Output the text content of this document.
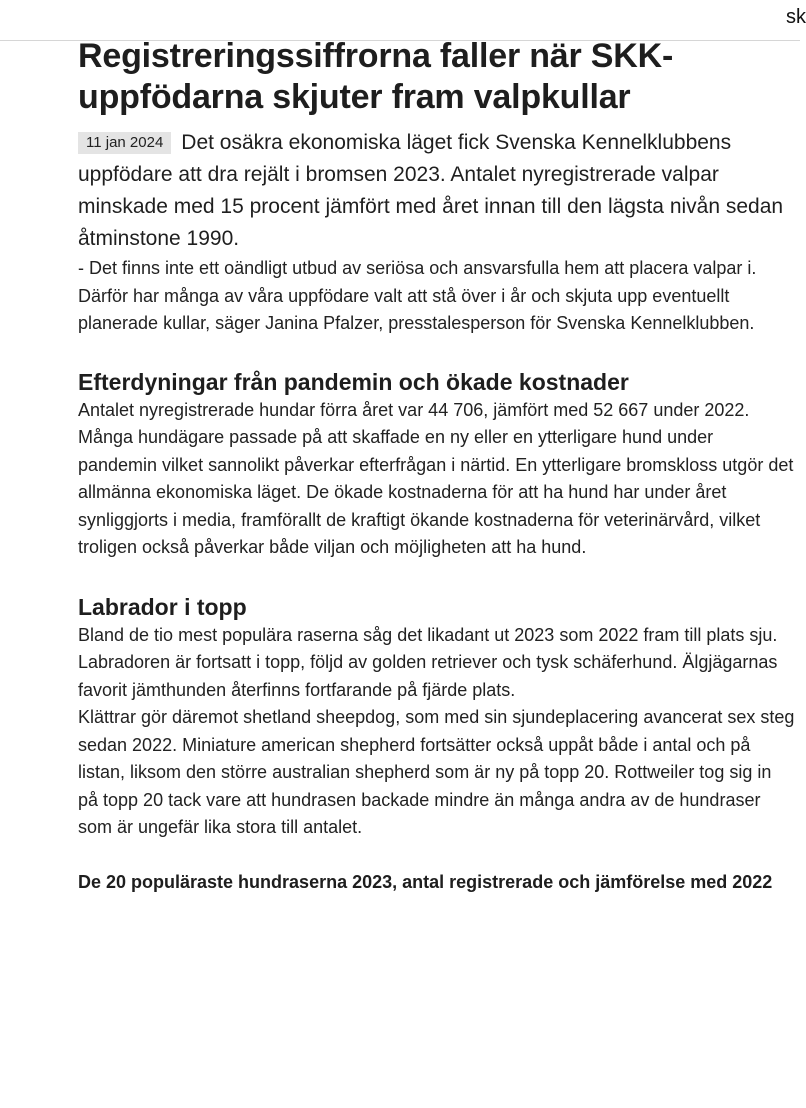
sk
Registreringssiffrorna faller när SKK-uppfödarna skjuter fram valpkullar

11 jan 2024 Det osäkra ekonomiska läget fick Svenska Kennelklubbens uppfödare att dra rejält i bromsen 2023. Antalet nyregistrerade valpar minskade med 15 procent jämfört med året innan till den lägsta nivån sedan åtminstone 1990.

- Det finns inte ett oändligt utbud av seriösa och ansvarsfulla hem att placera valpar i. Därför har många av våra uppfödare valt att stå över i år och skjuta upp eventuellt planerade kullar, säger Janina Pfalzer, presstalesperson för Svenska Kennelklubben.

Efterdyningar från pandemin och ökade kostnader

Antalet nyregistrerade hundar förra året var 44 706, jämfört med 52 667 under 2022. Många hundägare passade på att skaffade en ny eller en ytterligare hund under pandemin vilket sannolikt påverkar efterfrågan i närtid. En ytterligare bromskloss utgör det allmänna ekonomiska läget. De ökade kostnaderna för att ha hund har under året synliggjorts i media, framförallt de kraftigt ökande kostnaderna för veterinärvård, vilket troligen också påverkar både viljan och möjligheten att ha hund.

Labrador i topp

Bland de tio mest populära raserna såg det likadant ut 2023 som 2022 fram till plats sju. Labradoren är fortsatt i topp, följd av golden retriever och tysk schäferhund. Älgjägarnas favorit jämthunden återfinns fortfarande på fjärde plats.

Klättrar gör däremot shetland sheepdog, som med sin sjundeplacering avancerat sex steg sedan 2022. Miniature american shepherd fortsätter också uppåt både i antal och på listan, liksom den större australian shepherd som är ny på topp 20. Rottweiler tog sig in på topp 20 tack vare att hundrasen backade mindre än många andra av de hundraser som är ungefär lika stora till antalet.

De 20 populäraste hundraserna 2023, antal registrerade och jämförelse med 2022
